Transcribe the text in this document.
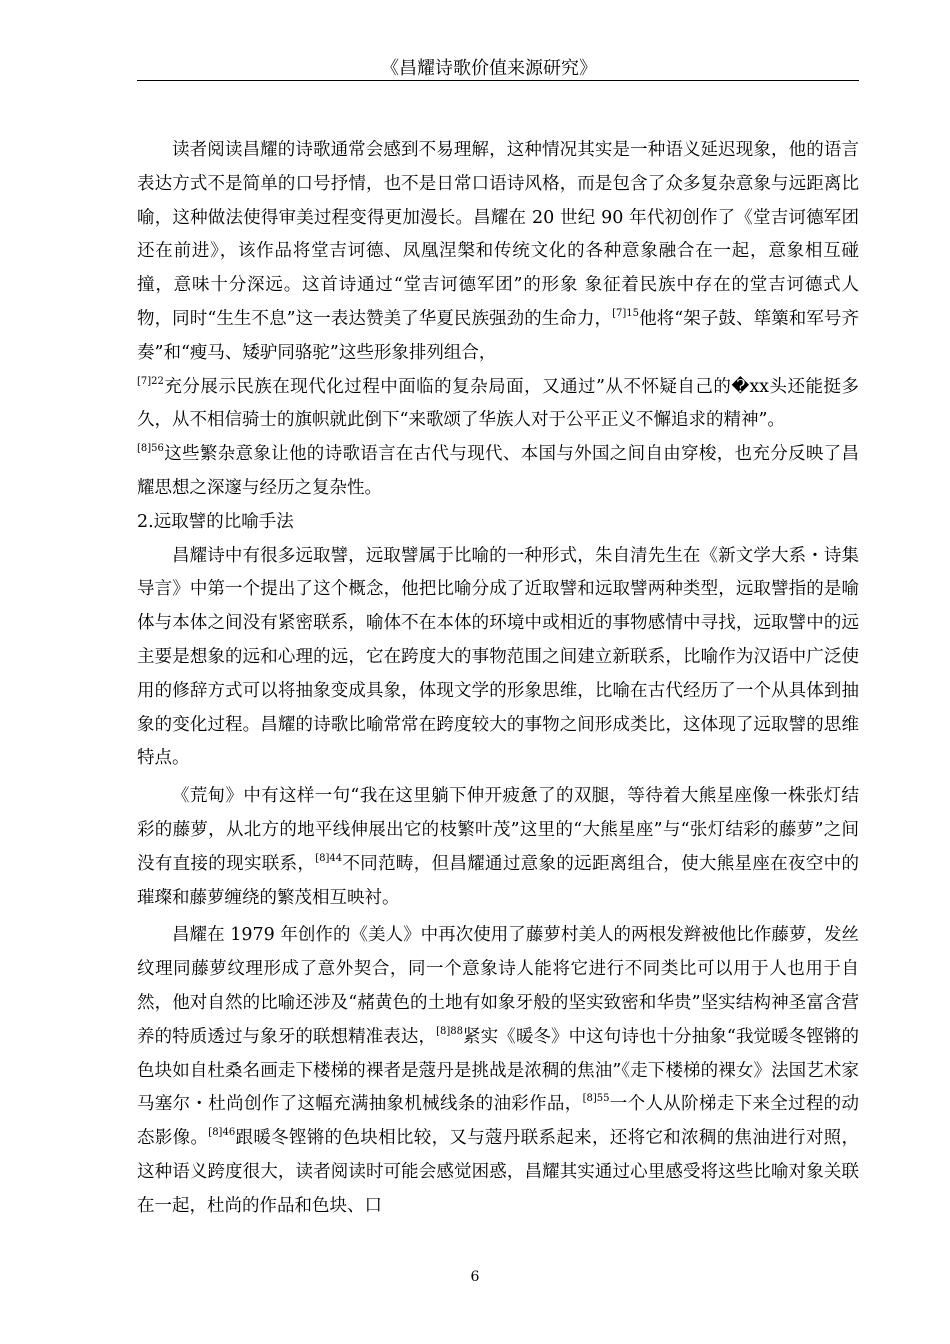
《昌耀诗歌价值来源研究》

读者阅读昌耀的诗歌通常会感到不易理解，这种情况其实是一种语义延迟现象，他的语言表达方式不是简单的口号抒情，也不是日常口语诗风格，而是包含了众多复杂意象与远距离比喻，这种做法使得审美过程变得更加漫长。昌耀在 20 世纪 90 年代初创作了《堂吉诃德军团还在前进》，该作品将堂吉诃德、凤凰涅槃和传统文化的各种意象融合在一起，意象相互碰撞，意味十分深远。这首诗通过“堂吉诃德军团”的形象 象征着民族中存在的堂吉诃德式人物，同时“生生不息”这一表达赞美了华夏民族强劲的生命力，$^{[7]15}$他将“架子鼓、筚篥和军号齐奏”和“瘦马、矮驴同骆驼”这些形象排列组合，
$^{[7]22}$充分展示民族在现代化过程中面临的复杂局面，又通过”从不怀疑自己的�xx头还能挺多久，从不相信骑士的旗帜就此倒下“来歌颂了华族人对于公平正义不懈追求的精神”。
$^{[8]56}$这些繁杂意象让他的诗歌语言在古代与现代、本国与外国之间自由穿梭，也充分反映了昌耀思想之深邃与经历之复杂性。

2.远取譬的比喻手法

昌耀诗中有很多远取譬，远取譬属于比喻的一种形式，朱自清先生在《新文学大系・诗集导言》中第一个提出了这个概念，他把比喻分成了近取譬和远取譬两种类型，远取譬指的是喻体与本体之间没有紧密联系，喻体不在本体的环境中或相近的事物感情中寻找，远取譬中的远主要是想象的远和心理的远，它在跨度大的事物范围之间建立新联系，比喻作为汉语中广泛使用的修辞方式可以将抽象变成具象，体现文学的形象思维，比喻在古代经历了一个从具体到抽象的变化过程。昌耀的诗歌比喻常常在跨度较大的事物之间形成类比，这体现了远取譬的思维特点。

《荒甸》中有这样一句“我在这里躺下伸开疲惫了的双腿，等待着大熊星座像一株张灯结彩的藤萝，从北方的地平线伸展出它的枝繁叶茂”这里的“大熊星座”与“张灯结彩的藤萝”之间没有直接的现实联系，$^{[8]44}$不同范畴，但昌耀通过意象的远距离组合，使大熊星座在夜空中的璀璨和藤萝缠绕的繁茂相互映衬。

昌耀在 1979 年创作的《美人》中再次使用了藤萝村美人的两根发辫被他比作藤萝，发丝纹理同藤萝纹理形成了意外契合，同一个意象诗人能将它进行不同类比可以用于人也用于自然，他对自然的比喻还涉及“赭黄色的土地有如象牙般的坚实致密和华贵”坚实结构神圣富含营养的特质透过与象牙的联想精准表达，$^{[8]88}$紧实《暖冬》中这句诗也十分抽象“我觉暖冬铿锵的色块如自杜桑名画走下楼梯的裸者是蔻丹是挑战是浓稠的焦油”《走下楼梯的裸女》法国艺术家马塞尔・杜尚创作了这幅充满抽象机械线条的油彩作品，$^{[8]55}$一个人从阶梯走下来全过程的动态影像。$^{[8]46}$跟暖冬铿锵的色块相比较，又与蔻丹联系起来，还将它和浓稠的焦油进行对照，这种语义跨度很大，读者阅读时可能会感觉困惑，昌耀其实通过心里感受将这些比喻对象关联在一起，杜尚的作品和色块、口

6
